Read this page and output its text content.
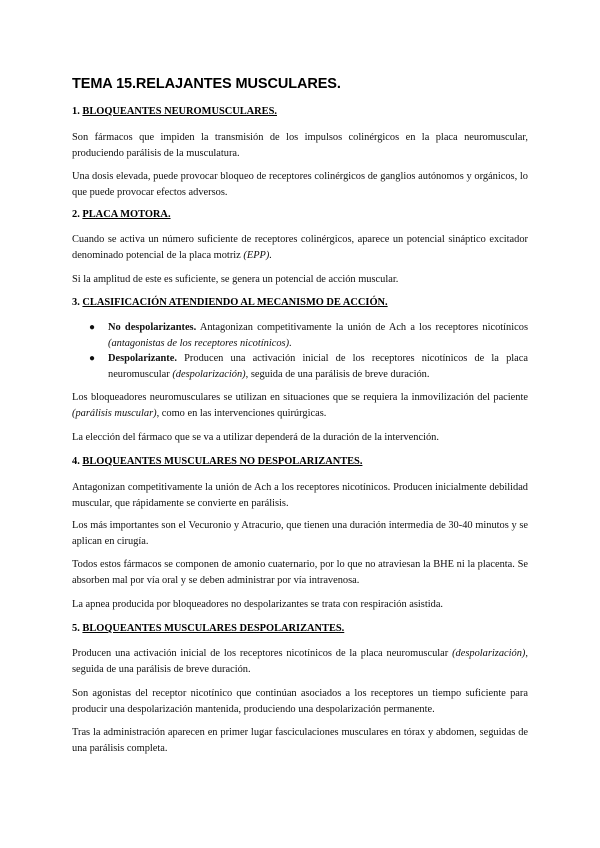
TEMA 15.RELAJANTES MUSCULARES.
1. BLOQUEANTES NEUROMUSCULARES.

Son fármacos que impiden la transmisión de los impulsos colinérgicos en la placa neuromuscular, produciendo parálisis de la musculatura.

Una dosis elevada, puede provocar bloqueo de receptores colinérgicos de ganglios autónomos y orgánicos, lo que puede provocar efectos adversos.

2. PLACA MOTORA.

Cuando se activa un número suficiente de receptores colinérgicos, aparece un potencial sináptico excitador denominado potencial de la placa motriz (EPP).

Si la amplitud de este es suficiente, se genera un potencial de acción muscular.

3. CLASIFICACIÓN ATENDIENDO AL MECANISMO DE ACCIÓN.
● No despolarizantes. Antagonizan competitivamente la unión de Ach a los receptores nicotínicos (antagonistas de los receptores nicotínicos).
● Despolarizante. Producen una activación inicial de los receptores nicotínicos de la placa neuromuscular (despolarización), seguida de una parálisis de breve duración.

Los bloqueadores neuromusculares se utilizan en situaciones que se requiera la inmovilización del paciente (parálisis muscular), como en las intervenciones quirúrgicas.

La elección del fármaco que se va a utilizar dependerá de la duración de la intervención.

4. BLOQUEANTES MUSCULARES NO DESPOLARIZANTES.

Antagonizan competitivamente la unión de Ach a los receptores nicotínicos. Producen inicialmente debilidad muscular, que rápidamente se convierte en parálisis.

Los más importantes son el Vecuronio y Atracurio, que tienen una duración intermedia de 30-40 minutos y se aplican en cirugía.

Todos estos fármacos se componen de amonio cuaternario, por lo que no atraviesan la BHE ni la placenta. Se absorben mal por vía oral y se deben administrar por vía intravenosa.

La apnea producida por bloqueadores no despolarizantes se trata con respiración asistida.

5. BLOQUEANTES MUSCULARES DESPOLARIZANTES.

Producen una activación inicial de los receptores nicotínicos de la placa neuromuscular (despolarización), seguida de una parálisis de breve duración.

Son agonistas del receptor nicotínico que continúan asociados a los receptores un tiempo suficiente para producir una despolarización mantenida, produciendo una despolarización permanente.

Tras la administración aparecen en primer lugar fasciculaciones musculares en tórax y abdomen, seguidas de una parálisis completa.
